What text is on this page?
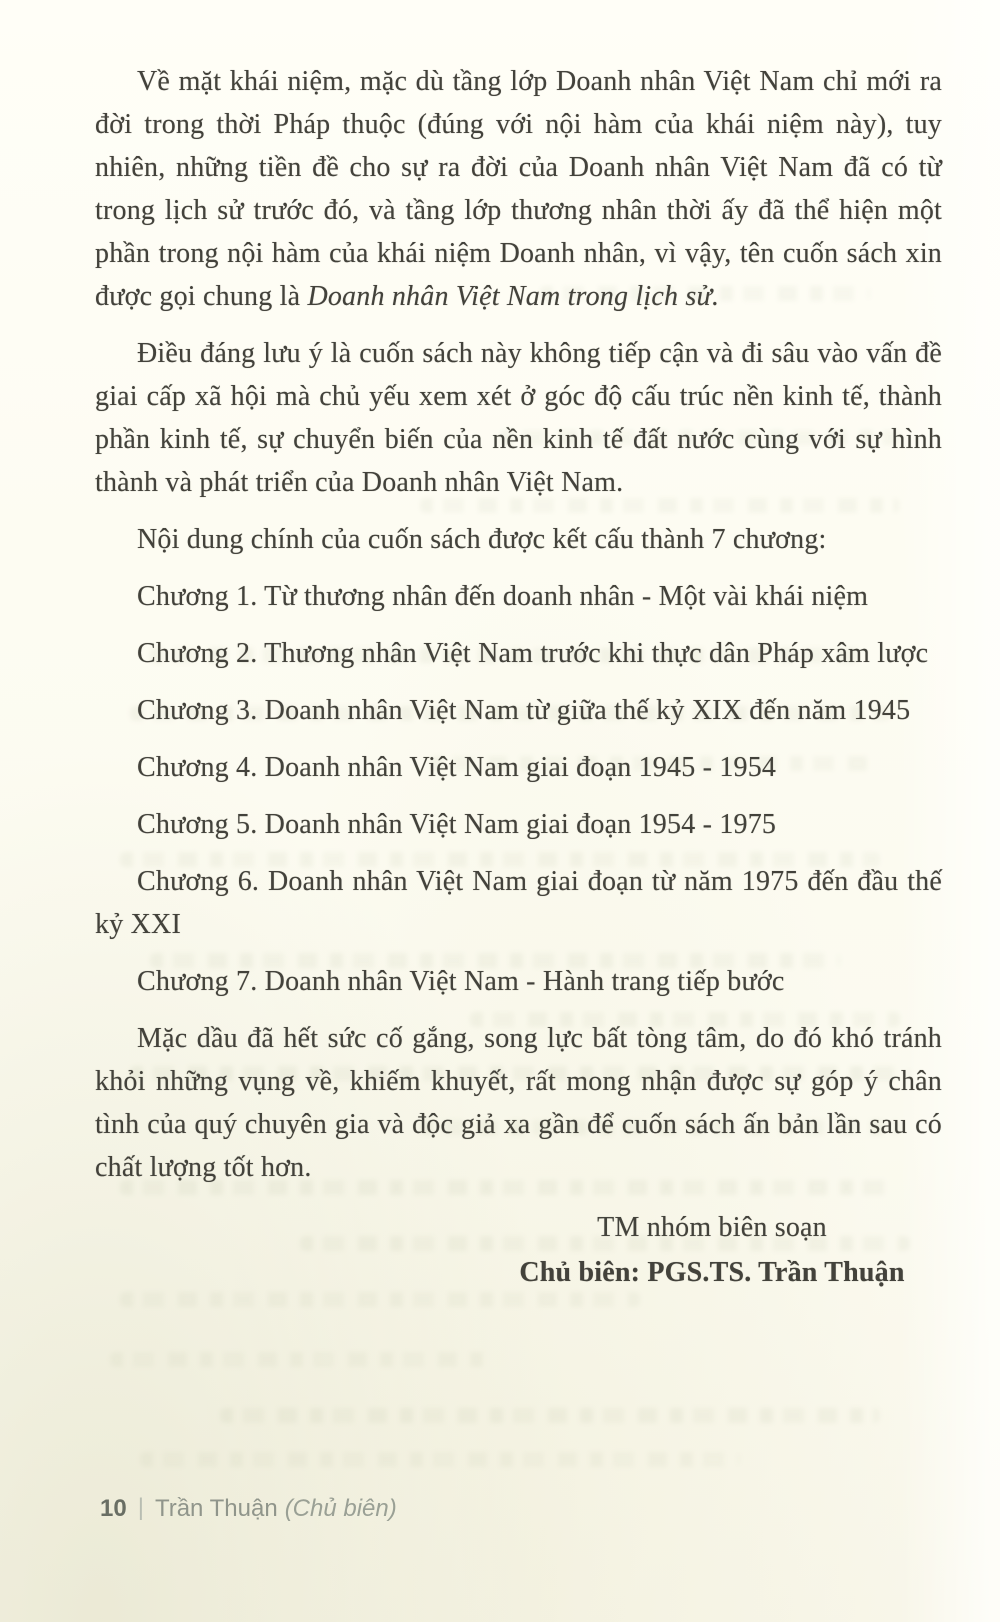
Về mặt khái niệm, mặc dù tầng lớp Doanh nhân Việt Nam chỉ mới ra đời trong thời Pháp thuộc (đúng với nội hàm của khái niệm này), tuy nhiên, những tiền đề cho sự ra đời của Doanh nhân Việt Nam đã có từ trong lịch sử trước đó, và tầng lớp thương nhân thời ấy đã thể hiện một phần trong nội hàm của khái niệm Doanh nhân, vì vậy, tên cuốn sách xin được gọi chung là Doanh nhân Việt Nam trong lịch sử.

Điều đáng lưu ý là cuốn sách này không tiếp cận và đi sâu vào vấn đề giai cấp xã hội mà chủ yếu xem xét ở góc độ cấu trúc nền kinh tế, thành phần kinh tế, sự chuyển biến của nền kinh tế đất nước cùng với sự hình thành và phát triển của Doanh nhân Việt Nam.

Nội dung chính của cuốn sách được kết cấu thành 7 chương:

Chương 1. Từ thương nhân đến doanh nhân - Một vài khái niệm

Chương 2. Thương nhân Việt Nam trước khi thực dân Pháp xâm lược

Chương 3. Doanh nhân Việt Nam từ giữa thế kỷ XIX đến năm 1945

Chương 4. Doanh nhân Việt Nam giai đoạn 1945 - 1954

Chương 5. Doanh nhân Việt Nam giai đoạn 1954 - 1975

Chương 6. Doanh nhân Việt Nam giai đoạn từ năm 1975 đến đầu thế kỷ XXI

Chương 7. Doanh nhân Việt Nam - Hành trang tiếp bước

Mặc dầu đã hết sức cố gắng, song lực bất tòng tâm, do đó khó tránh khỏi những vụng về, khiếm khuyết, rất mong nhận được sự góp ý chân tình của quý chuyên gia và độc giả xa gần để cuốn sách ấn bản lần sau có chất lượng tốt hơn.

TM nhóm biên soạn
Chủ biên: PGS.TS. Trần Thuận
10 | Trần Thuận (Chủ biên)
